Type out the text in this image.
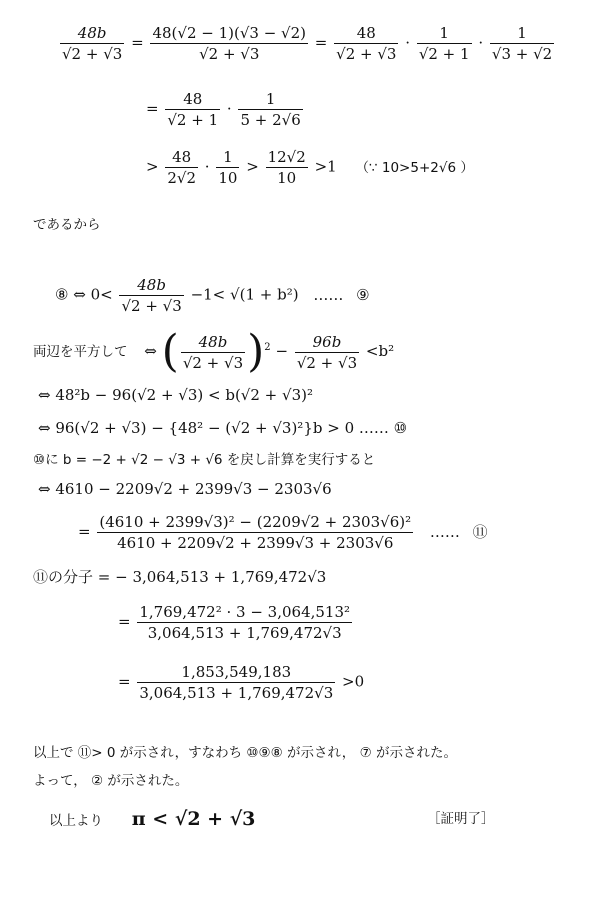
$\frac{48b}{√2 + √3} = \frac{48(√2 - 1)(√3 - √2)}{√2 + √3} = \frac{48}{√2 + √3} \cdot \frac{1}{√2 + 1} \cdot \frac{1}{√3 + √2}$
= $\frac{48}{√2 + 1} \cdot \frac{1}{5 + 2√6}$
> $\frac{48}{2√2} \cdot \frac{1}{10} > \frac{12√2}{10} >1$ （∵ 10>5+2√6 ）
であるから
⑧ ⇔ $0< \frac{48b}{√2 + √3} -1< √(1 + b^2)$ …… ⑨
両辺を平方して ⇔ ( $\frac{48b}{√2 + √3} )^2 - \frac{96b}{√2 + √3} <b^2$
⇔ 48²b − 96(√2 + √3) < b(√2 + √3)²
⇔ 96(√2 + √3) − {48² − (√2 + √3)²}b > 0 …… ⑩
⑩に b = −2 + √2 − √3 + √6 を戻し計算を実行すると
⇔ 4610 − 2209√2 + 2399√3 − 2303√6
= $\frac{\text{(4610 + 2399√3)² − (2209√2 + 2303√6)²}}{4610 + 2209√2 + 2399√3 + 2303√6}$ …… ⑪
⑪の分子 = − 3,064,513 + 1,769,472√3
= $\frac{\text{1,769,472² · 3 − 3,064,513²}}{3,064,513 + 1,769,472√3}$
= $\frac{1,853,549,183}{3,064,513 + 1,769,472√3} >0$
以上で ⑪> 0 が示され，すなわち ⑩⑨⑧ が示され， ⑦ が示された。
よって， ② が示された。
以上より π < √2 + √3	［証明了］
